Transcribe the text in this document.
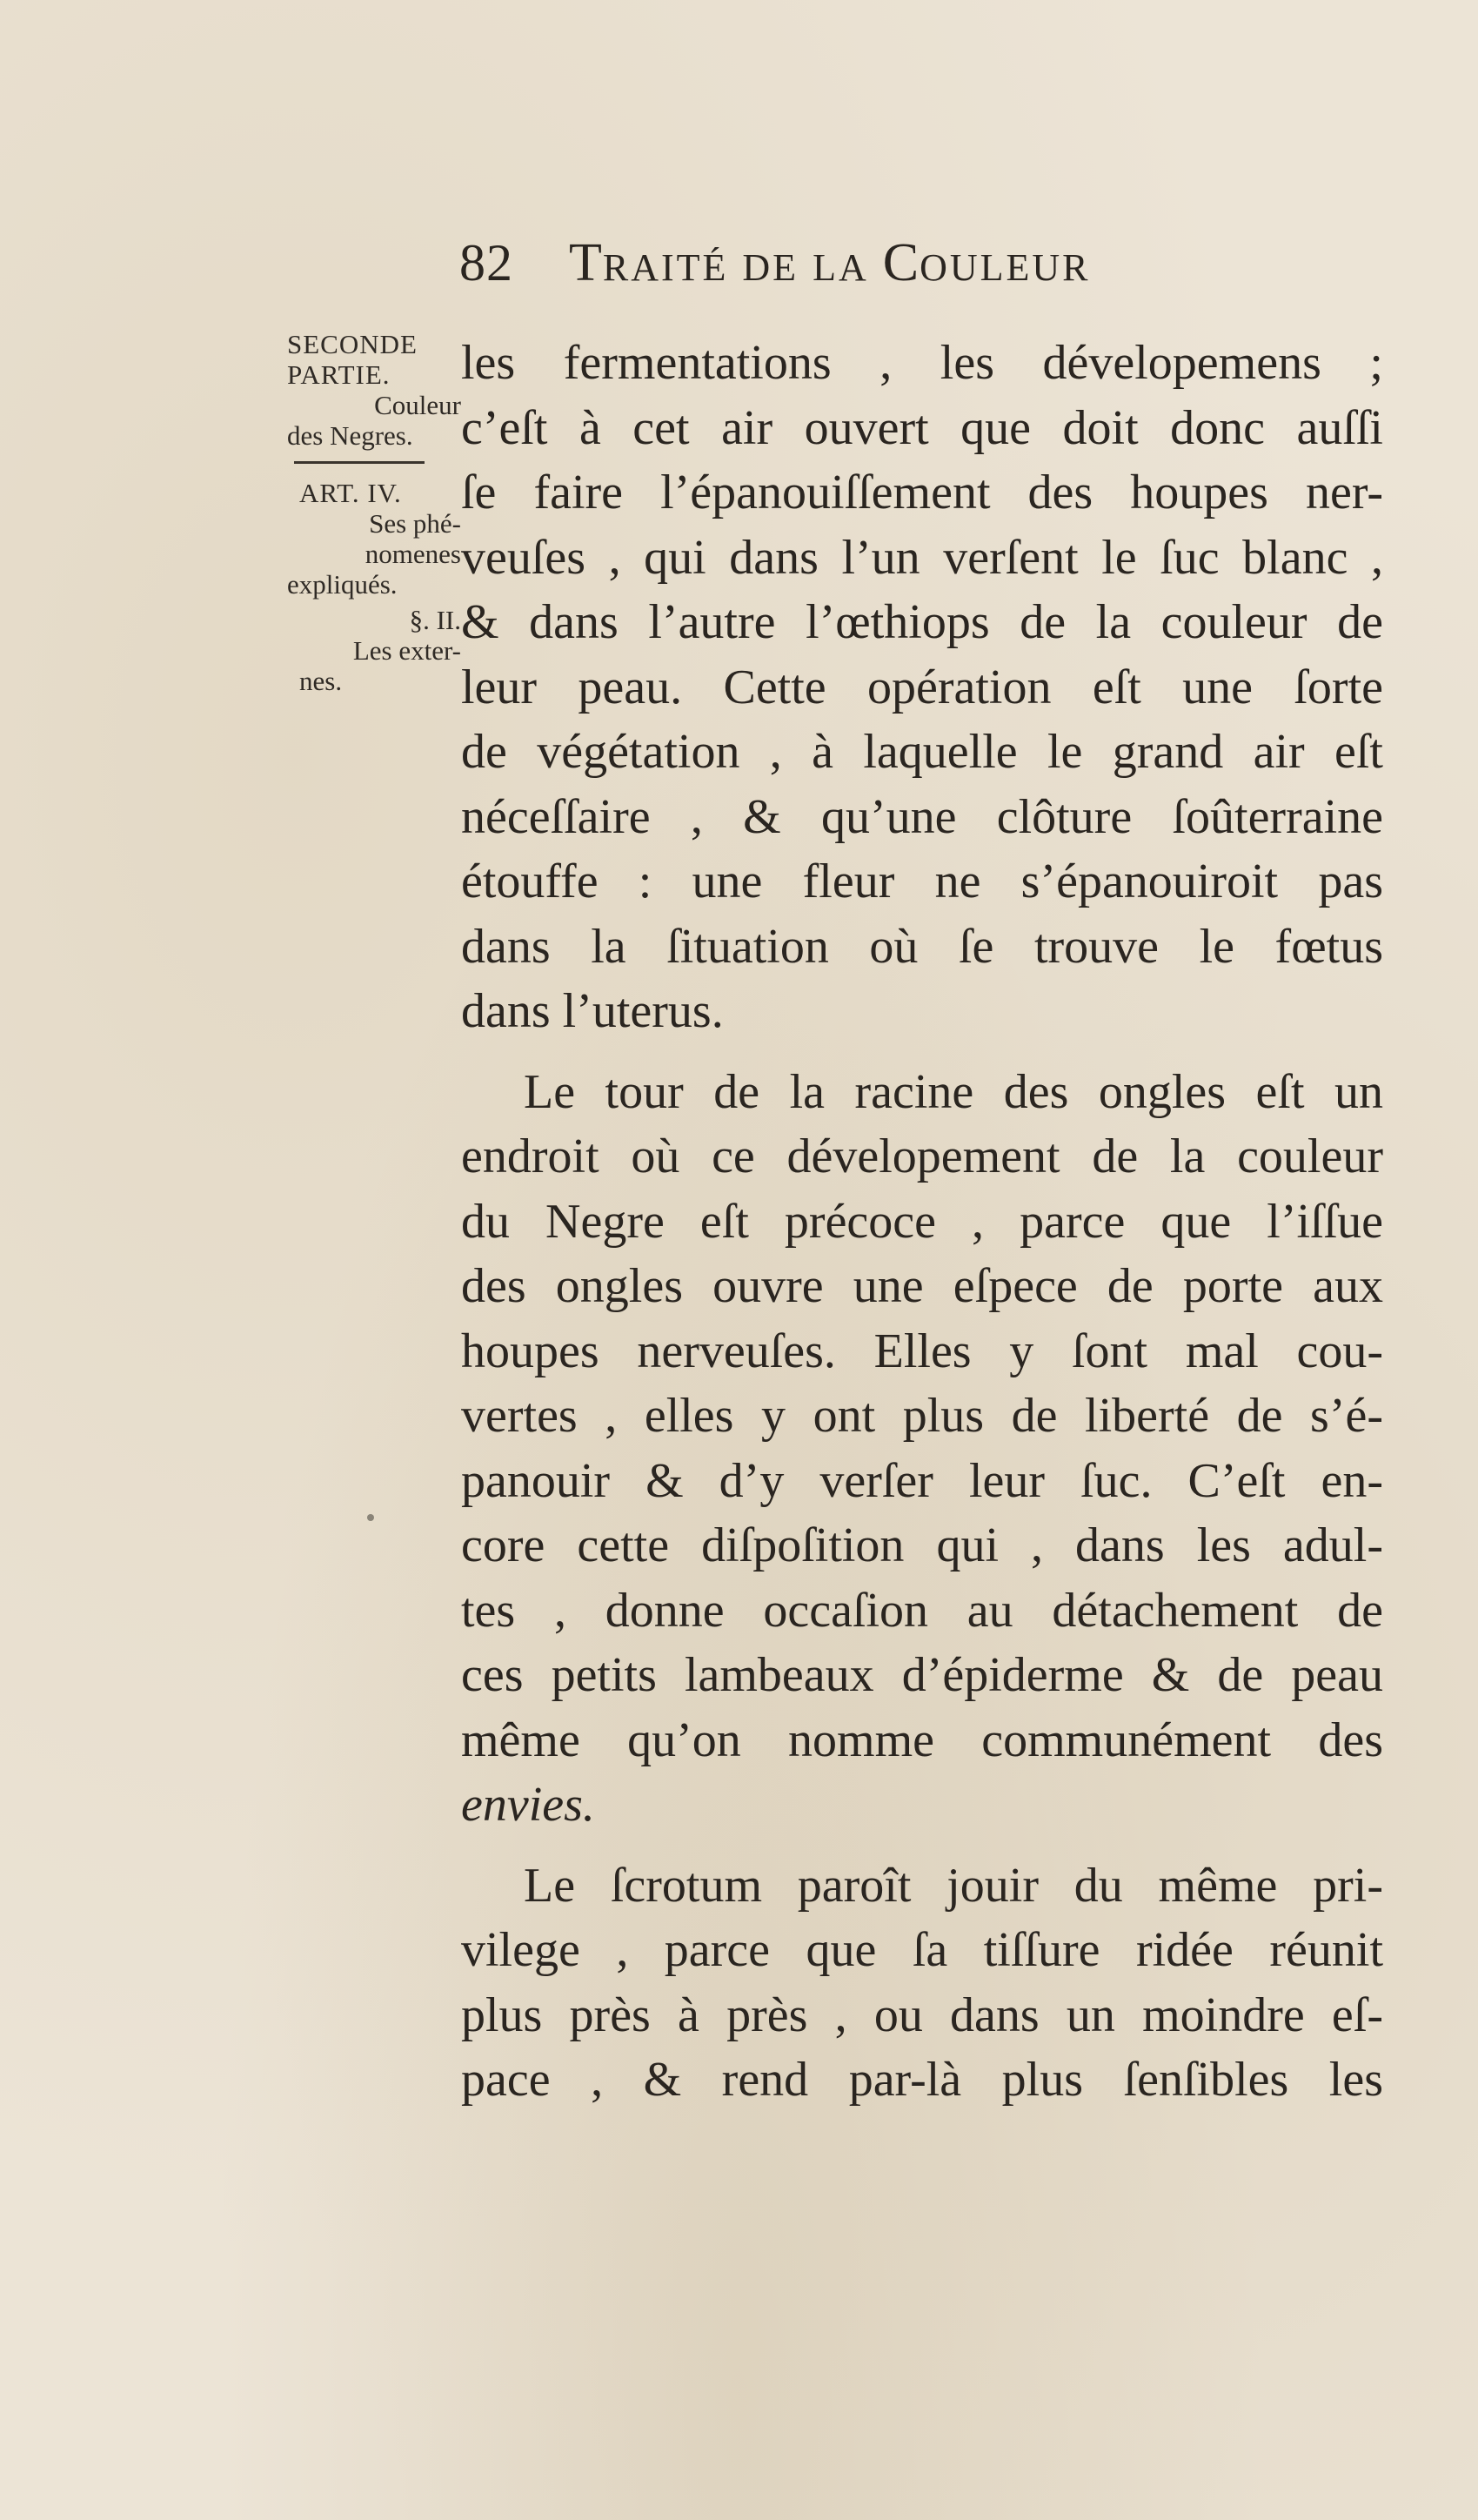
82 TRAITÉ DE LA COULEUR
SECONDE
PARTIE.
Couleur
des Negres.
ART. IV.
Ses phé-
nomenes
expliqués.
§. II.
Les exter-
nes.
les fermentations , les dévelopemens ;
c’eſt à cet air ouvert que doit donc auſſi
ſe faire l’épanouiſſement des houpes ner-
veuſes , qui dans l’un verſent le ſuc blanc ,
& dans l’autre l’œthiops de la couleur de
leur peau. Cette opération eſt une ſorte
de végétation , à laquelle le grand air eſt
néceſſaire , & qu’une clôture ſoûterraine
étouffe : une fleur ne s’épanouiroit pas
dans la ſituation où ſe trouve le fœtus
dans l’uterus.
Le tour de la racine des ongles eſt un
endroit où ce dévelopement de la couleur
du Negre eſt précoce , parce que l’iſſue
des ongles ouvre une eſpece de porte aux
houpes nerveuſes. Elles y ſont mal cou-
vertes , elles y ont plus de liberté de s’é-
panouir & d’y verſer leur ſuc. C’eſt en-
core cette diſpoſition qui , dans les adul-
tes , donne occaſion au détachement de
ces petits lambeaux d’épiderme & de peau
même qu’on nomme communément des
envies.
Le ſcrotum paroît jouir du même pri-
vilege , parce que ſa tiſſure ridée réunit
plus près à près , ou dans un moindre eſ-
pace , & rend par-là plus ſenſibles les
